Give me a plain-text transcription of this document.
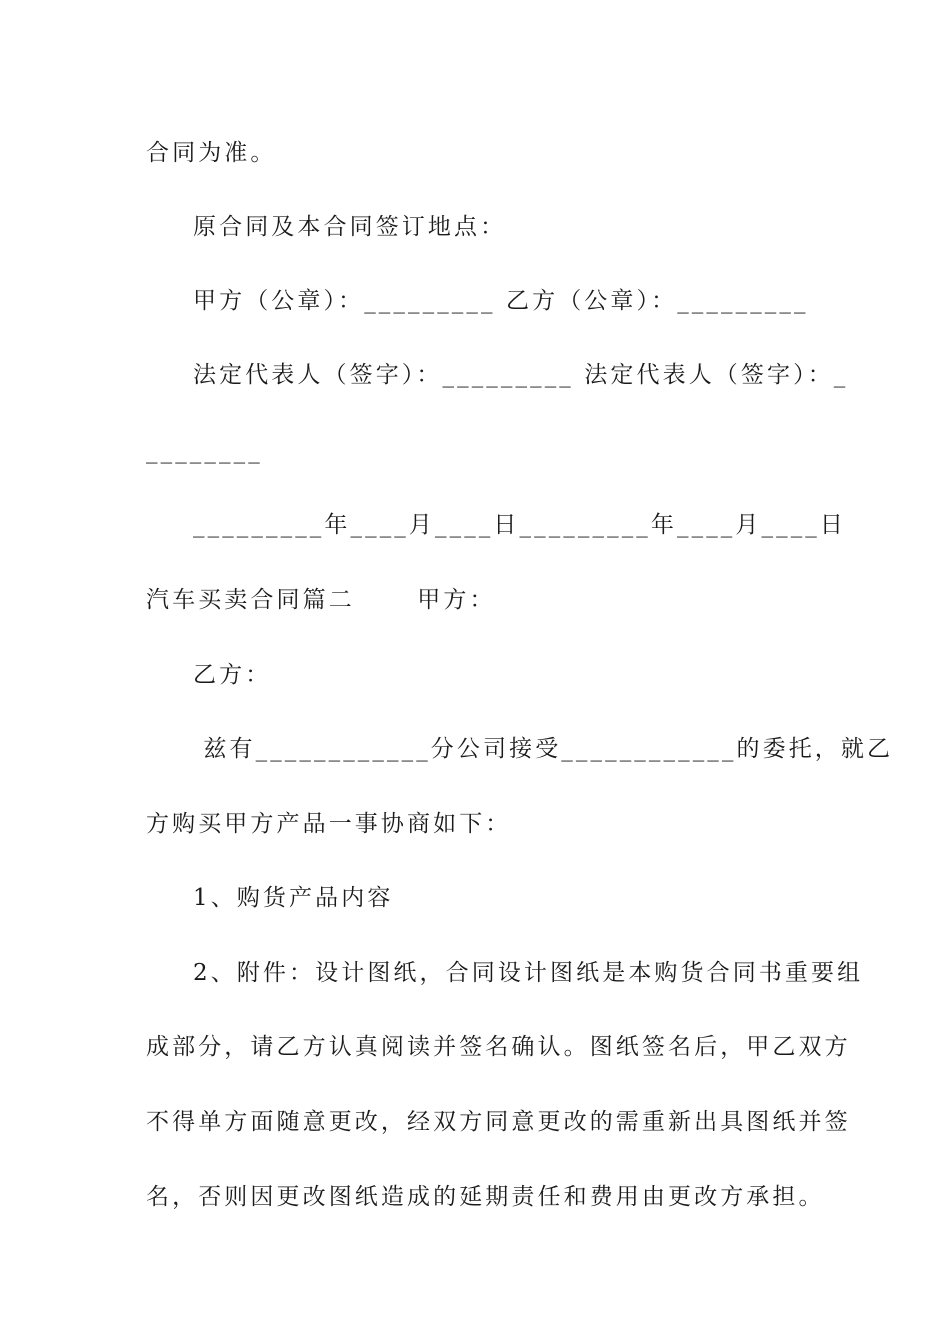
合同为准。
原合同及本合同签订地点：
甲方（公章）：_________ 乙方（公章）：_________
法定代表人（签字）：_________ 法定代表人（签字）：_
________
_________年____月____日_________年____月____日
汽车买卖合同篇二      甲方：
乙方：
兹有____________分公司接受____________的委托，就乙
方购买甲方产品一事协商如下：
1、购货产品内容
2、附件：设计图纸，合同设计图纸是本购货合同书重要组
成部分，请乙方认真阅读并签名确认。图纸签名后，甲乙双方
不得单方面随意更改，经双方同意更改的需重新出具图纸并签
名，否则因更改图纸造成的延期责任和费用由更改方承担。
